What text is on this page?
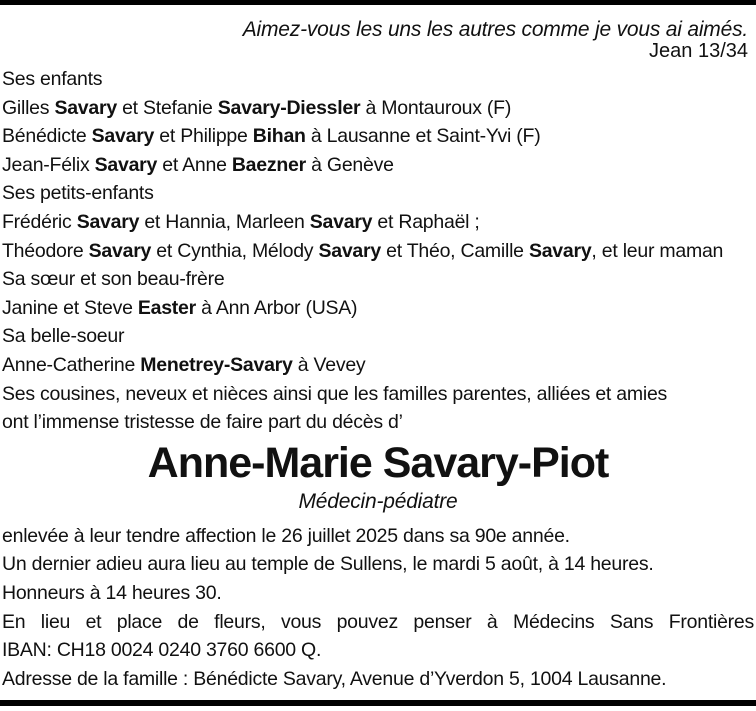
Aimez-vous les uns les autres comme je vous ai aimés.
Jean 13/34
Ses enfants
Gilles Savary et Stefanie Savary-Diessler à Montauroux (F)
Bénédicte Savary et Philippe Bihan à Lausanne et Saint-Yvi (F)
Jean-Félix Savary et Anne Baezner à Genève
Ses petits-enfants
Frédéric Savary et Hannia, Marleen Savary et Raphaël ;
Théodore Savary et Cynthia, Mélody Savary et Théo, Camille Savary, et leur maman
Sa sœur et son beau-frère
Janine et Steve Easter à Ann Arbor (USA)
Sa belle-soeur
Anne-Catherine Menetrey-Savary à Vevey
Ses cousines, neveux et nièces ainsi que les familles parentes, alliées et amies
ont l’immense tristesse de faire part du décès d’
Anne-Marie Savary-Piot
Médecin-pédiatre
enlevée à leur tendre affection le 26 juillet 2025 dans sa 90e année.
Un dernier adieu aura lieu au temple de Sullens, le mardi 5 août, à 14 heures.
Honneurs à 14 heures 30.
En lieu et place de fleurs, vous pouvez penser à Médecins Sans Frontières
IBAN: CH18 0024 0240 3760 6600 Q.
Adresse de la famille : Bénédicte Savary, Avenue d’Yverdon 5, 1004 Lausanne.
